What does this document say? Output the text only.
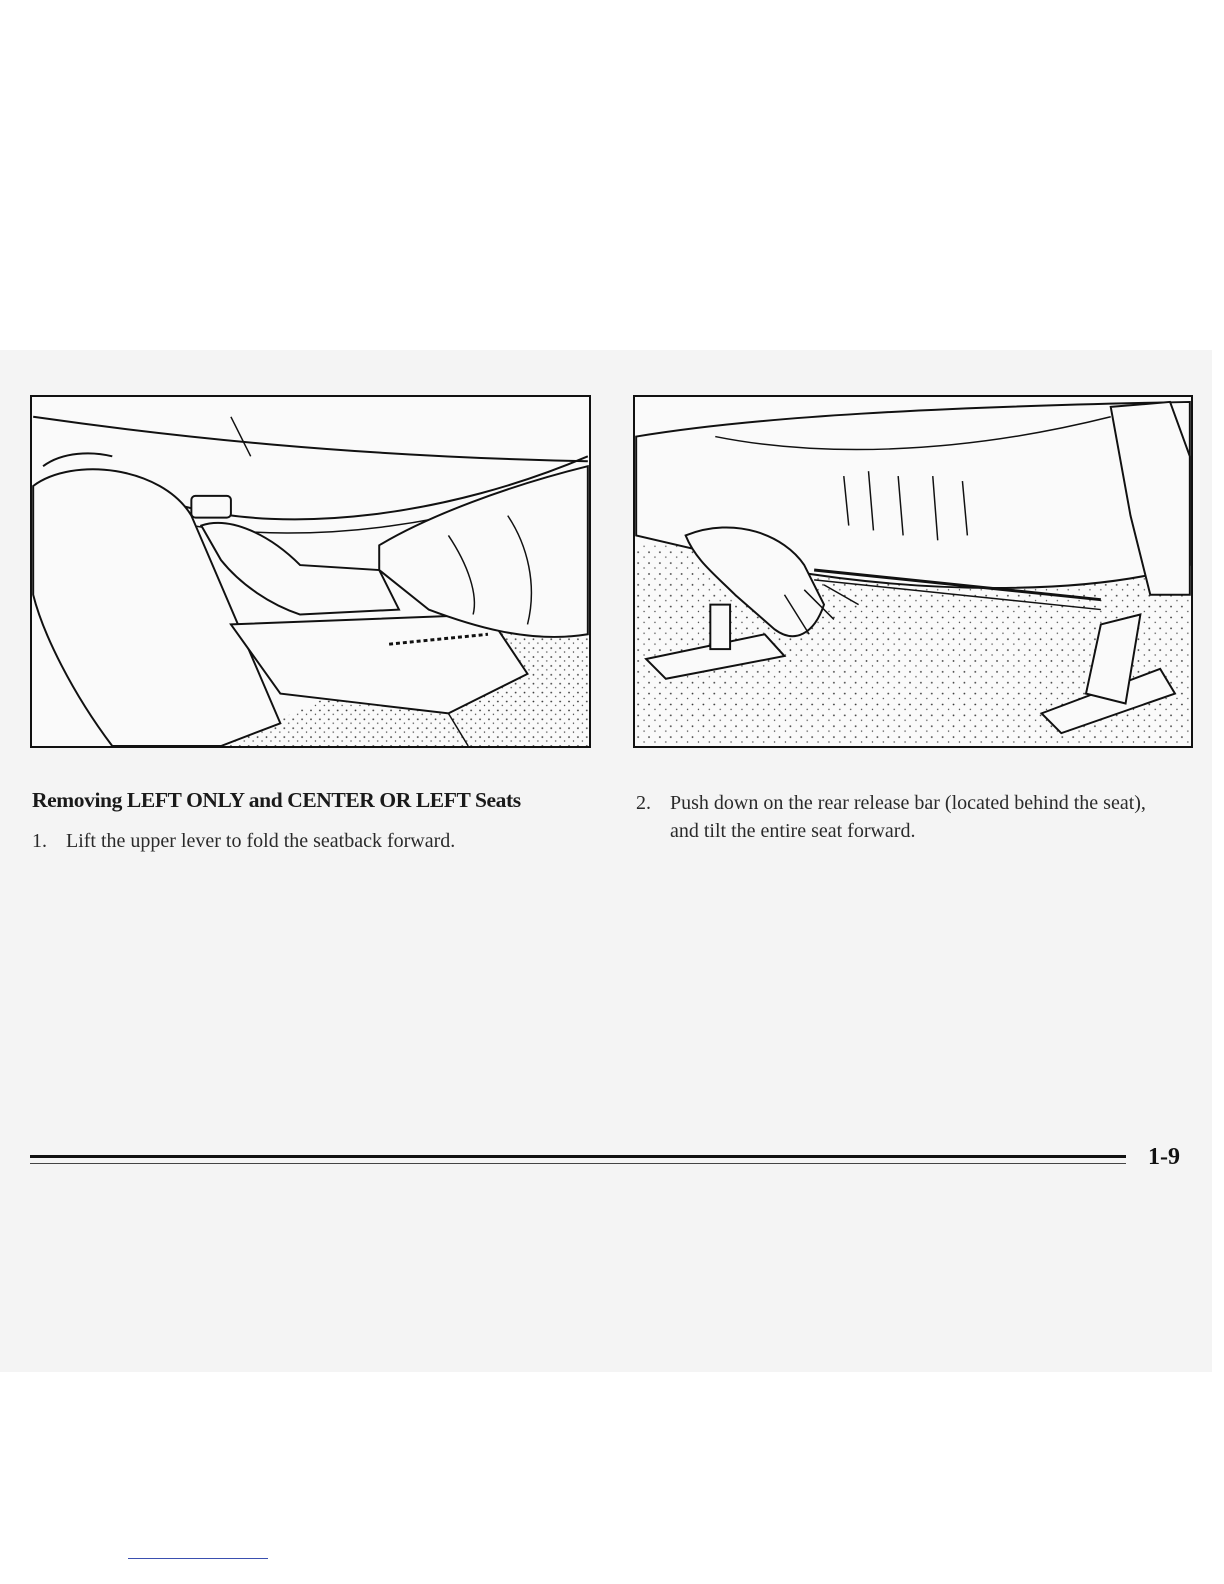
Removing LEFT ONLY and CENTER OR LEFT Seats
1. Lift the upper lever to fold the seatback forward.
2. Push down on the rear release bar (located behind the seat), and tilt the entire seat forward.
1-9
